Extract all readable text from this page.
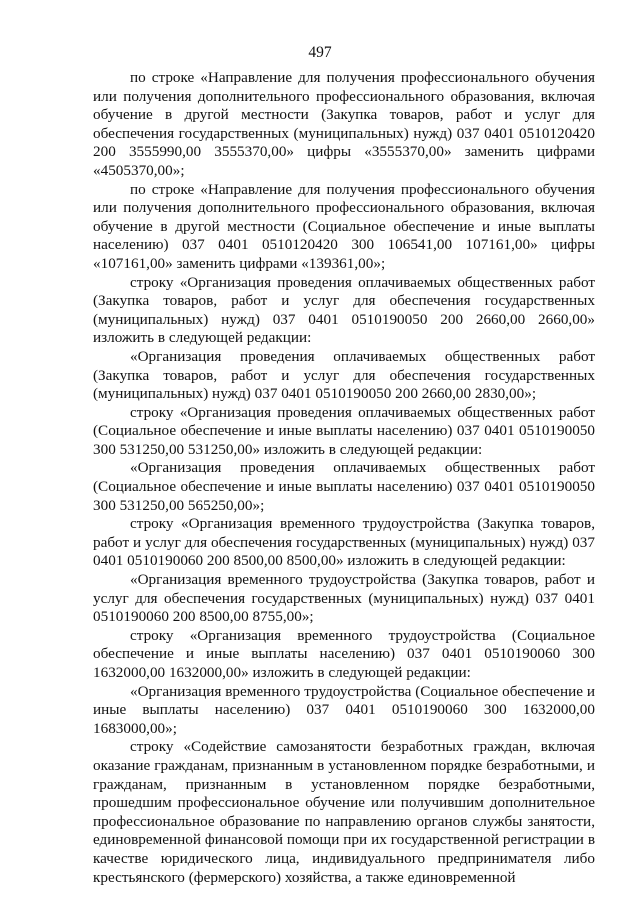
497

по строке «Направление для получения профессионального обучения или получения дополнительного профессионального образования, включая обучение в другой местности (Закупка товаров, работ и услуг для обеспечения государственных (муниципальных) нужд) 037 0401 0510120420 200 3555990,00 3555370,00» цифры «3555370,00» заменить цифрами «4505370,00»;

по строке «Направление для получения профессионального обучения или получения дополнительного профессионального образования, включая обучение в другой местности (Социальное обеспечение и иные выплаты населению) 037 0401 0510120420 300 106541,00 107161,00» цифры «107161,00» заменить цифрами «139361,00»;

строку «Организация проведения оплачиваемых общественных работ (Закупка товаров, работ и услуг для обеспечения государственных (муниципальных) нужд) 037 0401 0510190050 200 2660,00 2660,00» изложить в следующей редакции:

«Организация проведения оплачиваемых общественных работ (Закупка товаров, работ и услуг для обеспечения государственных (муниципальных) нужд) 037 0401 0510190050 200 2660,00 2830,00»;

строку «Организация проведения оплачиваемых общественных работ (Социальное обеспечение и иные выплаты населению) 037 0401 0510190050 300 531250,00 531250,00» изложить в следующей редакции:

«Организация проведения оплачиваемых общественных работ (Социальное обеспечение и иные выплаты населению) 037 0401 0510190050 300 531250,00 565250,00»;

строку «Организация временного трудоустройства (Закупка товаров, работ и услуг для обеспечения государственных (муниципальных) нужд) 037 0401 0510190060 200 8500,00 8500,00» изложить в следующей редакции:

«Организация временного трудоустройства (Закупка товаров, работ и услуг для обеспечения государственных (муниципальных) нужд) 037 0401 0510190060 200 8500,00 8755,00»;

строку «Организация временного трудоустройства (Социальное обеспечение и иные выплаты населению) 037 0401 0510190060 300 1632000,00 1632000,00» изложить в следующей редакции:

«Организация временного трудоустройства (Социальное обеспечение и иные выплаты населению) 037 0401 0510190060 300 1632000,00 1683000,00»;

строку «Содействие самозанятости безработных граждан, включая оказание гражданам, признанным в установленном порядке безработными, и гражданам, признанным в установленном порядке безработными, прошедшим профессиональное обучение или получившим дополнительное профессиональное образование по направлению органов службы занятости, единовременной финансовой помощи при их государственной регистрации в качестве юридического лица, индивидуального предпринимателя либо крестьянского (фермерского) хозяйства, а также единовременной
